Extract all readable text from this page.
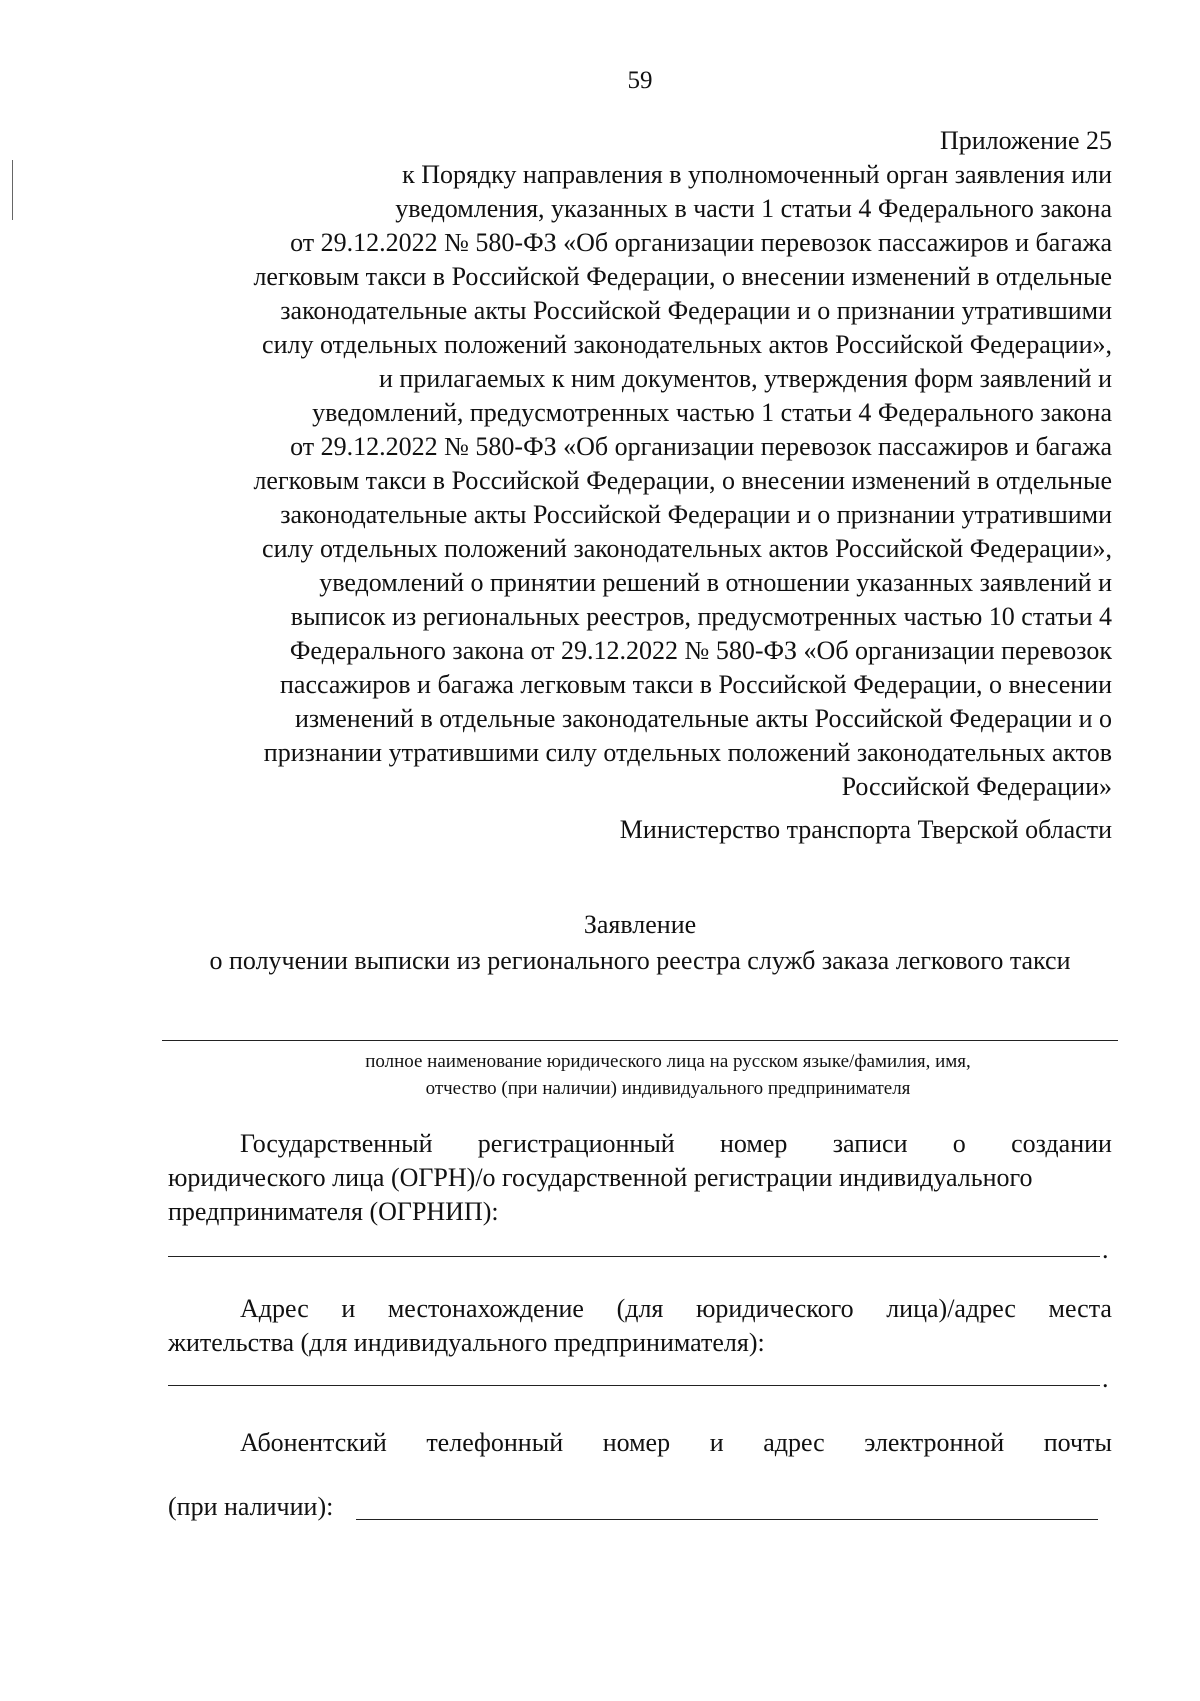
59
Приложение 25
к Порядку направления в уполномоченный орган заявления или
уведомления, указанных в части 1 статьи 4 Федерального закона
от 29.12.2022 № 580-ФЗ «Об организации перевозок пассажиров и багажа
легковым такси в Российской Федерации, о внесении изменений в отдельные
законодательные акты Российской Федерации и о признании утратившими
силу отдельных положений законодательных актов Российской Федерации»,
и прилагаемых к ним документов, утверждения форм заявлений и
уведомлений, предусмотренных частью 1 статьи 4 Федерального закона
от 29.12.2022 № 580-ФЗ «Об организации перевозок пассажиров и багажа
легковым такси в Российской Федерации, о внесении изменений в отдельные
законодательные акты Российской Федерации и о признании утратившими
силу отдельных положений законодательных актов Российской Федерации»,
уведомлений о принятии решений в отношении указанных заявлений и
выписок из региональных реестров, предусмотренных частью 10 статьи 4
Федерального закона от 29.12.2022 № 580-ФЗ «Об организации перевозок
пассажиров и багажа легковым такси в Российской Федерации, о внесении
изменений в отдельные законодательные акты Российской Федерации и о
признании утратившими силу отдельных положений законодательных актов
Российской Федерации»
Министерство транспорта Тверской области
Заявление
о получении выписки из регионального реестра служб заказа легкового такси
полное наименование юридического лица на русском языке/фамилия, имя,
отчество (при наличии) индивидуального предпринимателя
Государственный регистрационный номер записи о создании
юридического лица (ОГРН)/о государственной регистрации индивидуального
предпринимателя (ОГРНИП):
.
Адрес и местонахождение (для юридического лица)/адрес места
жительства (для индивидуального предпринимателя):
.
Абонентский телефонный номер и адрес электронной почты
(при наличии):
